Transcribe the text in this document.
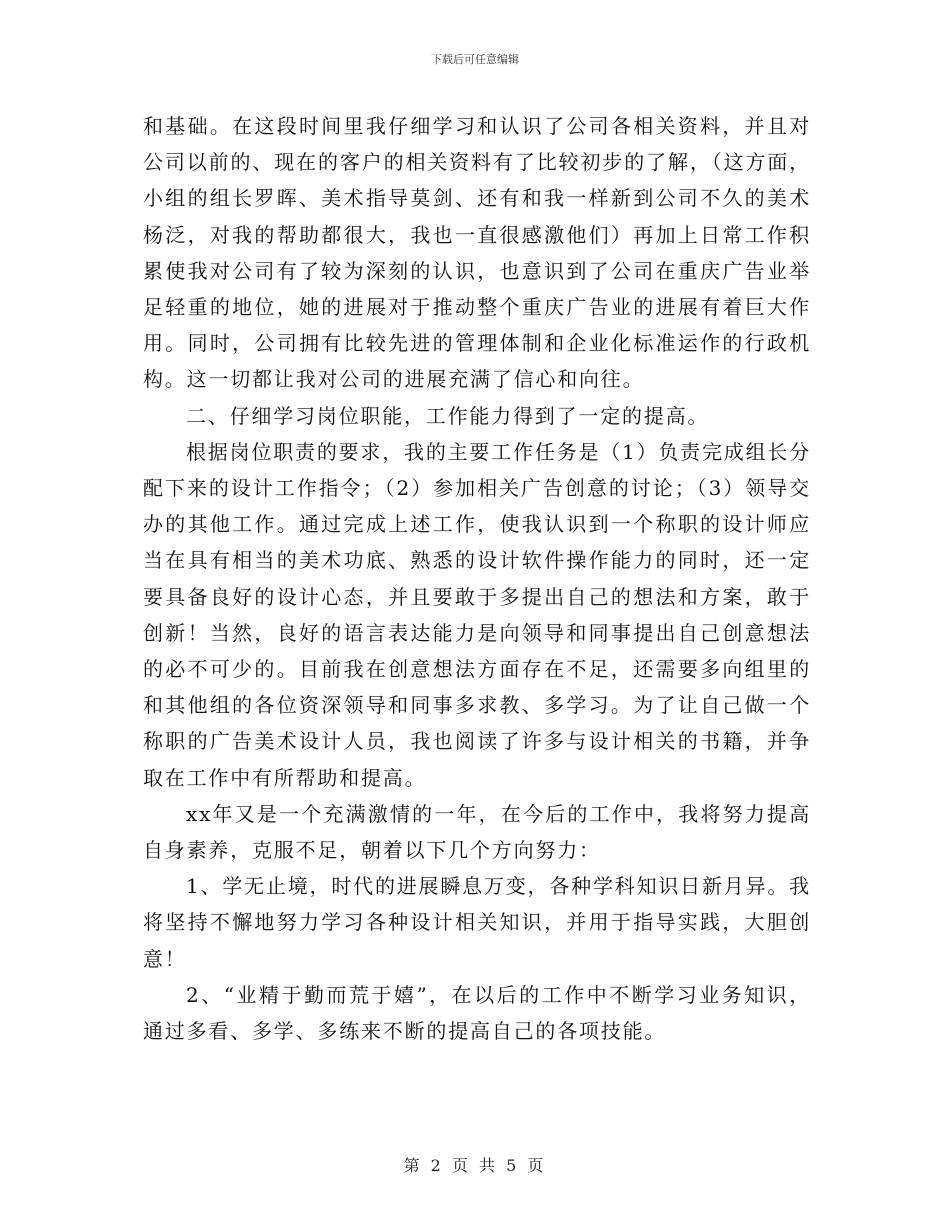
下载后可任意编辑

和基础。在这段时间里我仔细学习和认识了公司各相关资料，并且对公司以前的、现在的客户的相关资料有了比较初步的了解，（这方面，小组的组长罗晖、美术指导莫剑、还有和我一样新到公司不久的美术杨泛，对我的帮助都很大，我也一直很感激他们）再加上日常工作积累使我对公司有了较为深刻的认识，也意识到了公司在重庆广告业举足轻重的地位，她的进展对于推动整个重庆广告业的进展有着巨大作用。同时，公司拥有比较先进的管理体制和企业化标准运作的行政机构。这一切都让我对公司的进展充满了信心和向往。

二、仔细学习岗位职能，工作能力得到了一定的提高。

根据岗位职责的要求，我的主要工作任务是（1）负责完成组长分配下来的设计工作指令；（2）参加相关广告创意的讨论；（3）领导交办的其他工作。通过完成上述工作，使我认识到一个称职的设计师应当在具有相当的美术功底、熟悉的设计软件操作能力的同时，还一定要具备良好的设计心态，并且要敢于多提出自己的想法和方案，敢于创新！当然，良好的语言表达能力是向领导和同事提出自己创意想法的必不可少的。目前我在创意想法方面存在不足，还需要多向组里的和其他组的各位资深领导和同事多求教、多学习。为了让自己做一个称职的广告美术设计人员，我也阅读了许多与设计相关的书籍，并争取在工作中有所帮助和提高。

xx年又是一个充满激情的一年，在今后的工作中，我将努力提高自身素养，克服不足，朝着以下几个方向努力：

1、学无止境，时代的进展瞬息万变，各种学科知识日新月异。我将坚持不懈地努力学习各种设计相关知识，并用于指导实践，大胆创意！

2、“业精于勤而荒于嬉”，在以后的工作中不断学习业务知识，通过多看、多学、多练来不断的提高自己的各项技能。

第 2 页 共 5 页
